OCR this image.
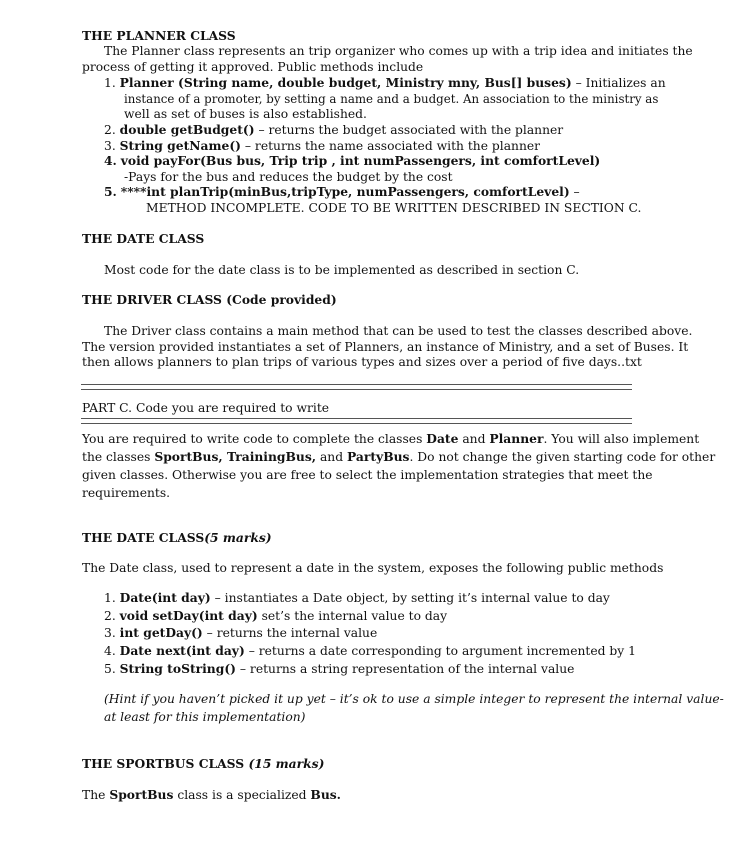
THE PLANNER CLASS
The Planner class represents an trip organizer who comes up with a trip idea and initiates the
process of getting it approved. Public methods include
1. Planner (String name, double budget, Ministry mny, Bus[] buses) – Initializes an
instance of a promoter, by setting a name and a budget. An association to the ministry as
well as set of buses is also established.
2. double getBudget() – returns the budget associated with the planner
3. String getName() – returns the name associated with the planner
4. void payFor(Bus bus, Trip trip , int numPassengers, int comfortLevel)
-Pays for the bus and reduces the budget by the cost
5. ****int planTrip(minBus,tripType, numPassengers, comfortLevel) –
METHOD INCOMPLETE. CODE TO BE WRITTEN DESCRIBED IN SECTION C.
THE DATE CLASS
Most code for the date class is to be implemented as described in section C.
THE DRIVER CLASS (Code provided)
The Driver class contains a main method that can be used to test the classes described above.
The version provided instantiates a set of Planners, an instance of Ministry, and a set of Buses. It
then allows planners to plan trips of various types and sizes over a period of five days..txt
PART C. Code you are required to write
You are required to write code to complete the classes Date and Planner. You will also implement
the classes SportBus, TrainingBus, and PartyBus. Do not change the given starting code for other
given classes. Otherwise you are free to select the implementation strategies that meet the
requirements.
THE DATE CLASS(5 marks)
The Date class, used to represent a date in the system, exposes the following public methods
1. Date(int day) – instantiates a Date object, by setting it’s internal value to day
2. void setDay(int day) set’s the internal value to day
3. int getDay() – returns the internal value
4. Date next(int day) – returns a date corresponding to argument incremented by 1
5. String toString() – returns a string representation of the internal value
(Hint if you haven’t picked it up yet – it’s ok to use a simple integer to represent the internal value-
at least for this implementation)
THE SPORTBUS CLASS (15 marks)
The SportBus class is a specialized Bus.
